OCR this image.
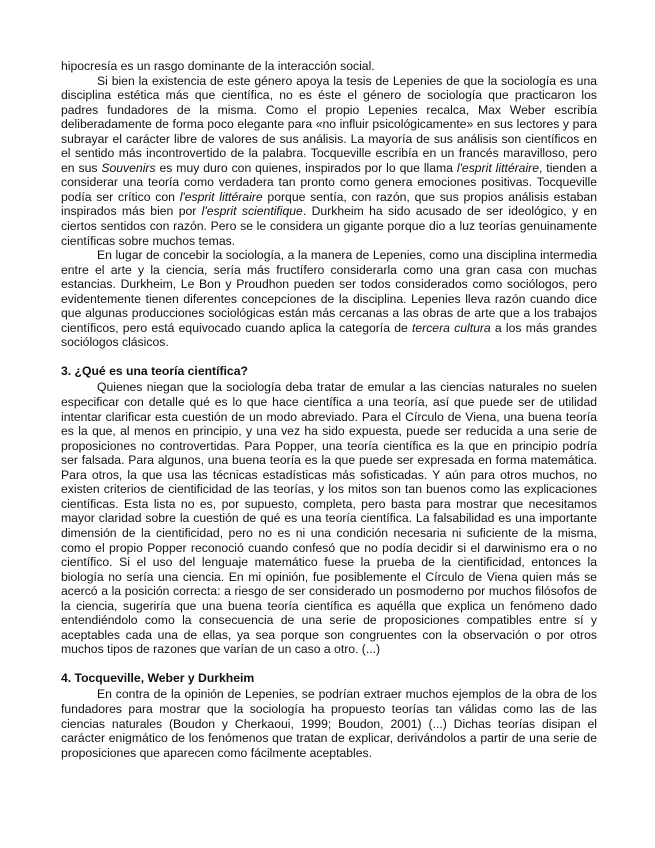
hipocresía es un rasgo dominante de la interacción social.

Si bien la existencia de este género apoya la tesis de Lepenies de que la sociología es una disciplina estética más que científica, no es éste el género de sociología que practicaron los padres fundadores de la misma. Como el propio Lepenies recalca, Max Weber escribía deliberadamente de forma poco elegante para «no influir psicológicamente» en sus lectores y para subrayar el carácter libre de valores de sus análisis. La mayoría de sus análisis son científicos en el sentido más incontrovertido de la palabra. Tocqueville escribía en un francés maravilloso, pero en sus Souvenirs es muy duro con quienes, inspirados por lo que llama l'esprit littéraire, tienden a considerar una teoría como verdadera tan pronto como genera emociones positivas. Tocqueville podía ser crítico con l'esprit littéraire porque sentía, con razón, que sus propios análisis estaban inspirados más bien por l'esprit scientifique. Durkheim ha sido acusado de ser ideológico, y en ciertos sentidos con razón. Pero se le considera un gigante porque dio a luz teorías genuinamente científicas sobre muchos temas.

En lugar de concebir la sociología, a la manera de Lepenies, como una disciplina intermedia entre el arte y la ciencia, sería más fructífero considerarla como una gran casa con muchas estancias. Durkheim, Le Bon y Proudhon pueden ser todos considerados como sociólogos, pero evidentemente tienen diferentes concepciones de la disciplina. Lepenies lleva razón cuando dice que algunas producciones sociológicas están más cercanas a las obras de arte que a los trabajos científicos, pero está equivocado cuando aplica la categoría de tercera cultura a los más grandes sociólogos clásicos.

3. ¿Qué es una teoría científica?

Quienes niegan que la sociología deba tratar de emular a las ciencias naturales no suelen especificar con detalle qué es lo que hace científica a una teoría, así que puede ser de utilidad intentar clarificar esta cuestión de un modo abreviado. Para el Círculo de Viena, una buena teoría es la que, al menos en principio, y una vez ha sido expuesta, puede ser reducida a una serie de proposiciones no controvertidas. Para Popper, una teoría científica es la que en principio podría ser falsada. Para algunos, una buena teoría es la que puede ser expresada en forma matemática. Para otros, la que usa las técnicas estadísticas más sofisticadas. Y aún para otros muchos, no existen criterios de cientificidad de las teorías, y los mitos son tan buenos como las explicaciones científicas. Esta lista no es, por supuesto, completa, pero basta para mostrar que necesitamos mayor claridad sobre la cuestión de qué es una teoría científica. La falsabilidad es una importante dimensión de la cientificidad, pero no es ni una condición necesaria ni suficiente de la misma, como el propio Popper reconoció cuando confesó que no podía decidir si el darwinismo era o no científico. Si el uso del lenguaje matemático fuese la prueba de la cientificidad, entonces la biología no sería una ciencia. En mi opinión, fue posiblemente el Círculo de Viena quien más se acercó a la posición correcta: a riesgo de ser considerado un posmoderno por muchos filósofos de la ciencia, sugeriría que una buena teoría científica es aquélla que explica un fenómeno dado entendiéndolo como la consecuencia de una serie de proposiciones compatibles entre sí y aceptables cada una de ellas, ya sea porque son congruentes con la observación o por otros muchos tipos de razones que varían de un caso a otro. (...)

4. Tocqueville, Weber y Durkheim

En contra de la opinión de Lepenies, se podrían extraer muchos ejemplos de la obra de los fundadores para mostrar que la sociología ha propuesto teorías tan válidas como las de las ciencias naturales (Boudon y Cherkaoui, 1999; Boudon, 2001) (...) Dichas teorías disipan el carácter enigmático de los fenómenos que tratan de explicar, derivándolos a partir de una serie de proposiciones que aparecen como fácilmente aceptables.
